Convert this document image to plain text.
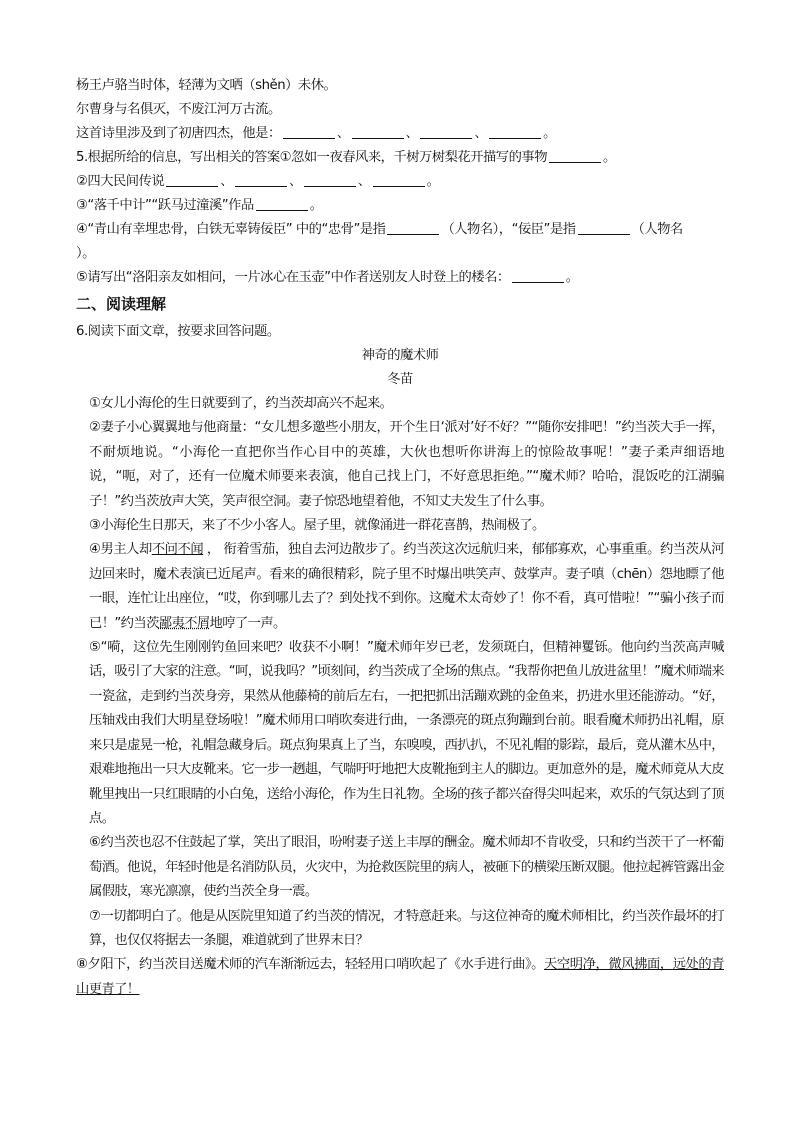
杨王卢骆当时体，轻薄为文哂（shěn）未休。
尔曹身与名俱灭，不废江河万古流。
这首诗里涉及到了初唐四杰，他是：	、	、	、	。
5.根据所给的信息，写出相关的答案①忽如一夜春风来，千树万树梨花开描写的事物	。
②四大民间传说	、	、	、	。
③“落千中计”“跃马过潼溪”作品	。
④“青山有幸埋忠骨，白铁无辜铸佞臣” 中的“忠骨”是指	（人物名），“佞臣”是指	（人物名
）。
⑤请写出“洛阳亲友如相问，一片冰心在玉壶”中作者送别友人时登上的楼名：	。
二、阅读理解
6.阅读下面文章，按要求回答问题。
神奇的魔术师
冬苗
①女儿小海伦的生日就要到了，约当茨却高兴不起来。
②妻子小心翼翼地与他商量：“女儿想多邀些小朋友，开个生日‘派对’好不好？”“随你安排吧！”约当茨大手一挥，不耐烦地说。“小海伦一直把你当作心目中的英雄，大伙也想听你讲海上的惊险故事呢！”妻子柔声细语地说，“呃，对了，还有一位魔术师要来表演，他自己找上门，不好意思拒绝。”“魔术师？哈哈，混饭吃的江湖骗子！”约当茨放声大笑，笑声很空洞。妻子惊恐地望着他，不知丈夫发生了什么事。
③小海伦生日那天，来了不少小客人。屋子里，就像涌进一群花喜鹊，热闹极了。
④男主人却不问不闻 ， 衔着雪茄，独自去河边散步了。约当茨这次远航归来，郁郁寡欢，心事重重。约当茨从河边回来时，魔术表演已近尾声。看来的确很精彩，院子里不时爆出哄笑声、鼓掌声。妻子嗔（chēn）怨地瞟了他一眼，连忙让出座位，“哎，你到哪儿去了？到处找不到你。这魔术太奇妙了！你不看，真可惜啦！”“骗小孩子而已！”约当茨鄙夷不屑地哼了一声。
⑤“嗬，这位先生刚刚钓鱼回来吧？收获不小啊！”魔术师年岁已老，发须斑白，但精神矍铄。他向约当茨高声喊话，吸引了大家的注意。“呵，说我吗？”顷刻间，约当茨成了全场的焦点。“我帮你把鱼儿放进盆里！”魔术师端来一瓷盆，走到约当茨身旁，果然从他藤椅的前后左右，一把把抓出活蹦欢跳的金鱼来，扔进水里还能游动。“好，压轴戏由我们大明星登场啦！”魔术师用口哨吹奏进行曲，一条漂亮的斑点狗蹦到台前。眼看魔术师扔出礼帽，原来只是虚晃一枪，礼帽急藏身后。斑点狗果真上了当，东嗅嗅，西扒扒，不见礼帽的影踪，最后，竟从灌木丛中，艰难地拖出一只大皮靴来。它一步一趔趄，气喘吁吁地把大皮靴拖到主人的脚边。更加意外的是，魔术师竟从大皮靴里拽出一只红眼睛的小白兔，送给小海伦，作为生日礼物。全场的孩子都兴奋得尖叫起来，欢乐的气氛达到了顶点。
⑥约当茨也忍不住鼓起了掌，笑出了眼泪，吩咐妻子送上丰厚的酬金。魔术师却不肯收受，只和约当茨干了一杯葡萄酒。他说，年轻时他是名消防队员，火灾中，为抢救医院里的病人，被砸下的横梁压断双腿。他拉起裤管露出金属假肢，寒光凛凛，使约当茨全身一震。
⑦一切都明白了。他是从医院里知道了约当茨的情况，才特意赶来。与这位神奇的魔术师相比，约当茨作最坏的打算，也仅仅将据去一条腿，难道就到了世界末日？
⑧夕阳下，约当茨目送魔术师的汽车渐渐远去，轻轻用口哨吹起了《水手进行曲》。天空明净，微风拂面，远处的青山更青了！
